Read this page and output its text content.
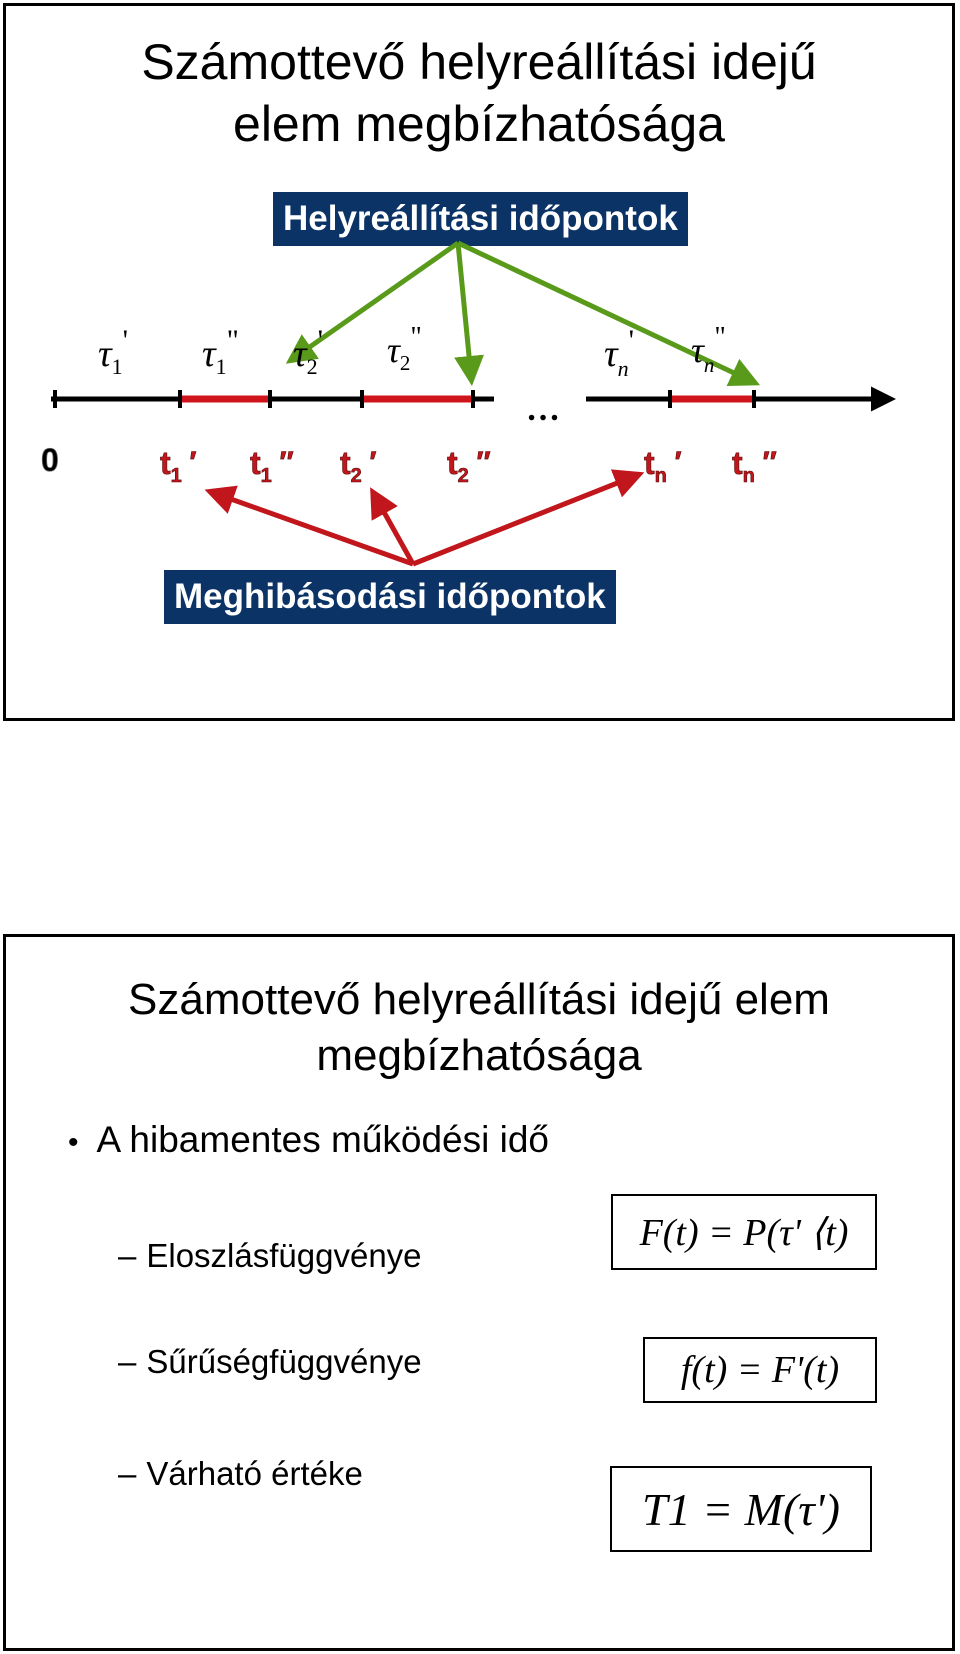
Számottevő helyreállítási idejű
elem megbízhatósága
Helyreállítási időpontok
Meghibásodási időpontok
…
0
τ1' τ1" τ2' τ2"	τn' τn"
t1 ′ t1 ″ t2 ′ t2 ″	tn ′ tn ″
Számottevő helyreállítási idejű elem
megbízhatósága
• A hibamentes működési idő
– Eloszlásfüggvénye
– Sűrűségfüggvénye
– Várható értéke
F(t) = P(τ' ⟨t)
f(t) = F'(t)
T1 = M(τ')
